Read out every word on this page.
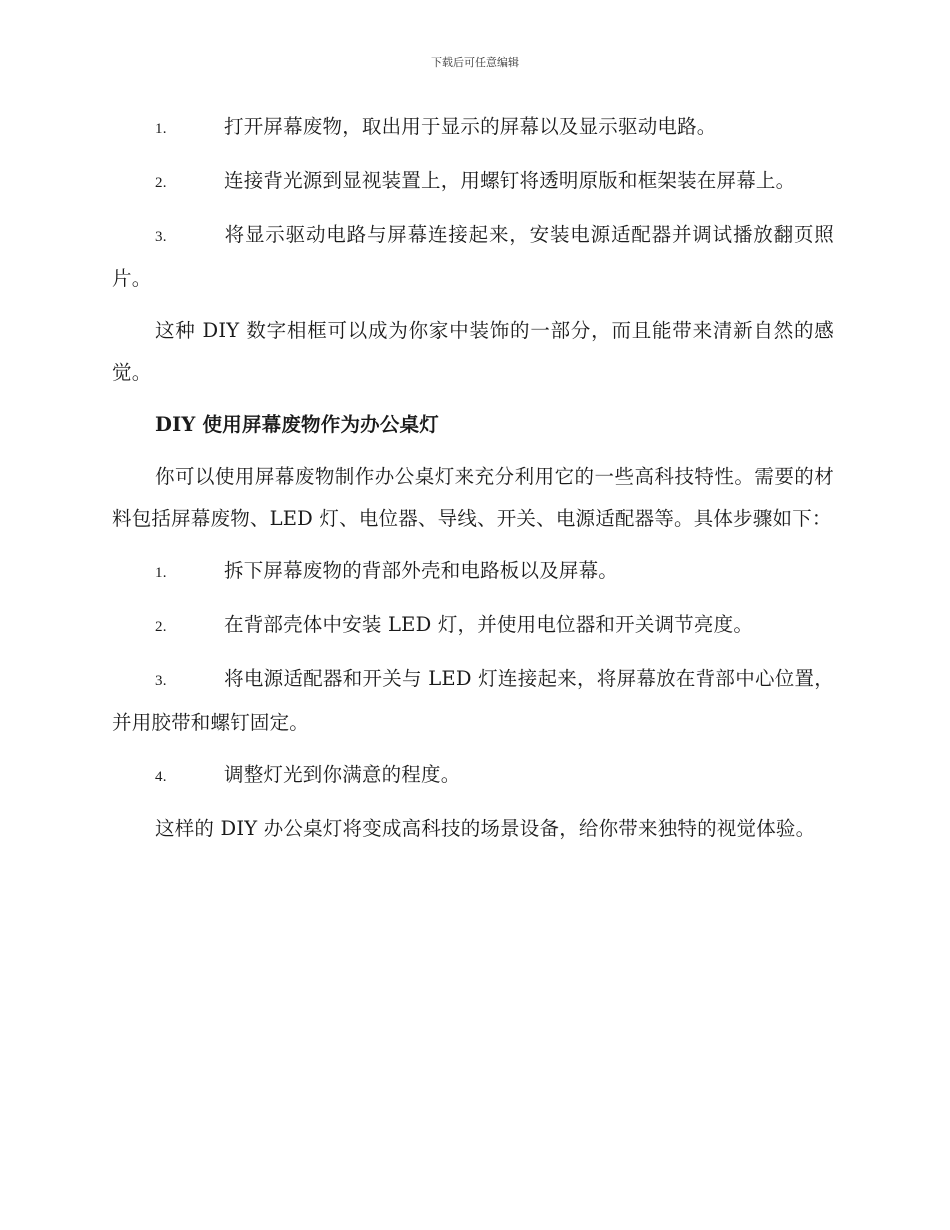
下载后可任意编辑

1.	打开屏幕废物，取出用于显示的屏幕以及显示驱动电路。

2.	连接背光源到显视装置上，用螺钉将透明原版和框架装在屏幕上。

3.	将显示驱动电路与屏幕连接起来，安装电源适配器并调试播放翻页照片。

这种 DIY 数字相框可以成为你家中装饰的一部分，而且能带来清新自然的感觉。

DIY 使用屏幕废物作为办公桌灯

你可以使用屏幕废物制作办公桌灯来充分利用它的一些高科技特性。需要的材料包括屏幕废物、LED 灯、电位器、导线、开关、电源适配器等。具体步骤如下：

1.	拆下屏幕废物的背部外壳和电路板以及屏幕。

2.	在背部壳体中安装 LED 灯，并使用电位器和开关调节亮度。

3.	将电源适配器和开关与 LED 灯连接起来，将屏幕放在背部中心位置，并用胶带和螺钉固定。

4.	调整灯光到你满意的程度。

这样的 DIY 办公桌灯将变成高科技的场景设备，给你带来独特的视觉体验。
